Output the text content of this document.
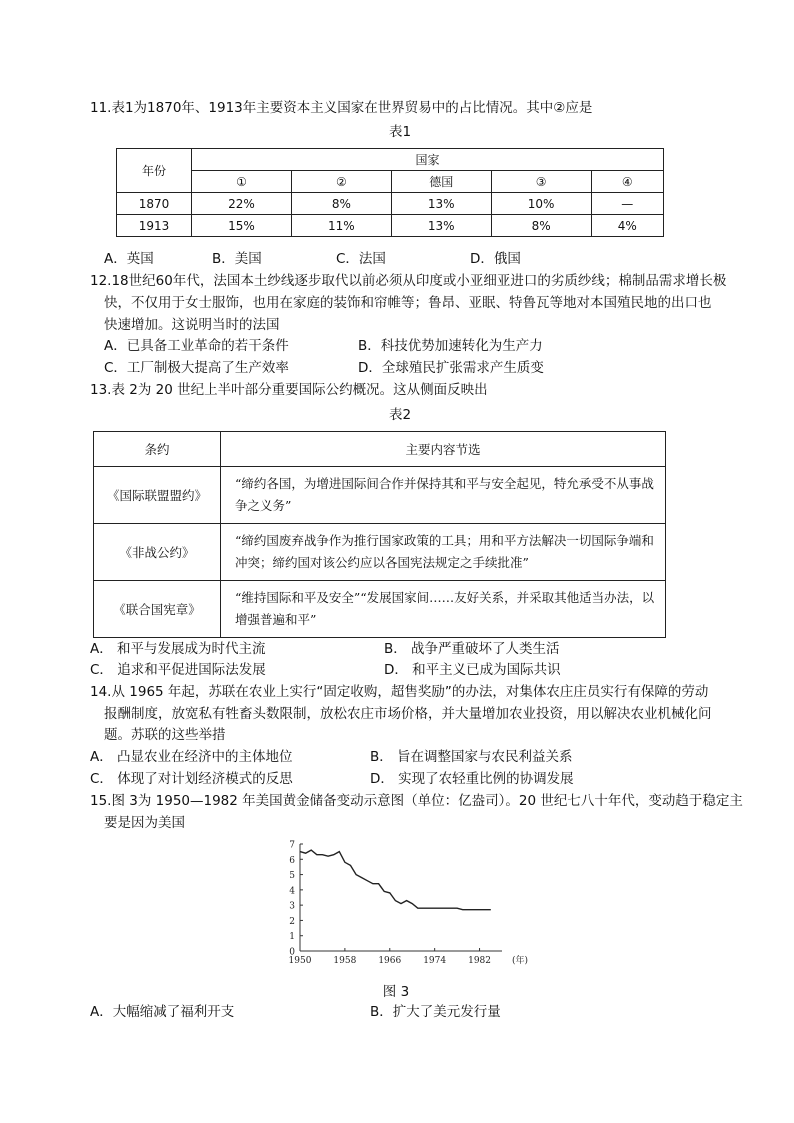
11.表1为1870年、1913年主要资本主义国家在世界贸易中的占比情况。其中②应是
表1
年份	国家				
	①	②	德国	③	④
1870	22%	8%	13%	10%	—
1913	15%	11%	13%	8%	4%
A．英国	B．美国	C．法国	D．俄国
12.18世纪60年代，法国本土纱线逐步取代以前必须从印度或小亚细亚进口的劣质纱线；棉制品需求增长极
快，不仅用于女士服饰，也用在家庭的装饰和帘帷等；鲁昂、亚眠、特鲁瓦等地对本国殖民地的出口也
快速增加。这说明当时的法国
A．已具备工业革命的若干条件	B．科技优势加速转化为生产力
C．工厂制极大提高了生产效率	D．全球殖民扩张需求产生质变
13.表 2为 20 世纪上半叶部分重要国际公约概况。这从侧面反映出
表2
条约	主要内容节选
《国际联盟盟约》	“缔约各国，为增进国际间合作并保持其和平与安全起见，特允承受不从事战争之义务”
《非战公约》	“缔约国废弃战争作为推行国家政策的工具；用和平方法解决一切国际争端和冲突；缔约国对该公约应以各国宪法规定之手续批准”
《联合国宪章》	“维持国际和平及安全”“发展国家间……友好关系，并采取其他适当办法，以增强普遍和平”
A． 和平与发展成为时代主流	B． 战争严重破坏了人类生活
C． 追求和平促进国际法发展	D． 和平主义已成为国际共识
14.从 1965 年起，苏联在农业上实行“固定收购，超售奖励”的办法，对集体农庄庄员实行有保障的劳动
报酬制度，放宽私有牲畜头数限制，放松农庄市场价格，并大量增加农业投资，用以解决农业机械化问
题。苏联的这些举措
A． 凸显农业在经济中的主体地位	B． 旨在调整国家与农民利益关系
C． 体现了对计划经济模式的反思	D． 实现了农轻重比例的协调发展
15.图 3为 1950—1982 年美国黄金储备变动示意图（单位：亿盎司）。20 世纪七八十年代，变动趋于稳定主
要是因为美国
0
1
2
3
4
5
6
7
1950 1958 1966 1974 1982 (年)
图 3
A．大幅缩减了福利开支	B．扩大了美元发行量
